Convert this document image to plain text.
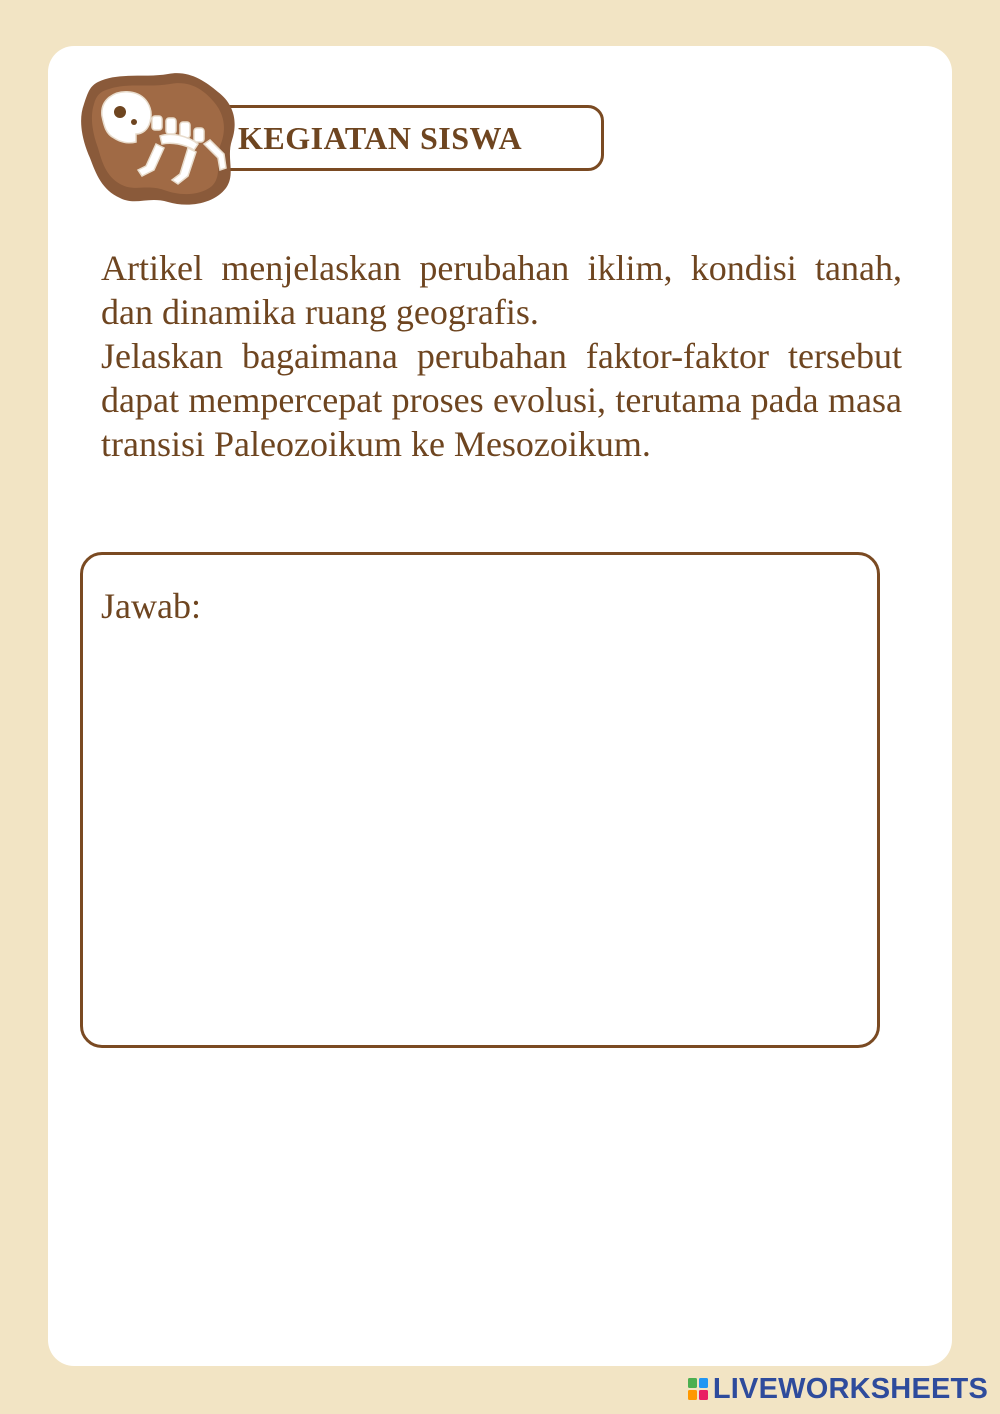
KEGIATAN SISWA

Artikel menjelaskan perubahan iklim, kondisi tanah, dan dinamika ruang geografis.

Jelaskan bagaimana perubahan faktor-faktor tersebut dapat mempercepat proses evolusi, terutama pada masa transisi Paleozoikum ke Mesozoikum.

Jawab:
LIVEWORKSHEETS
